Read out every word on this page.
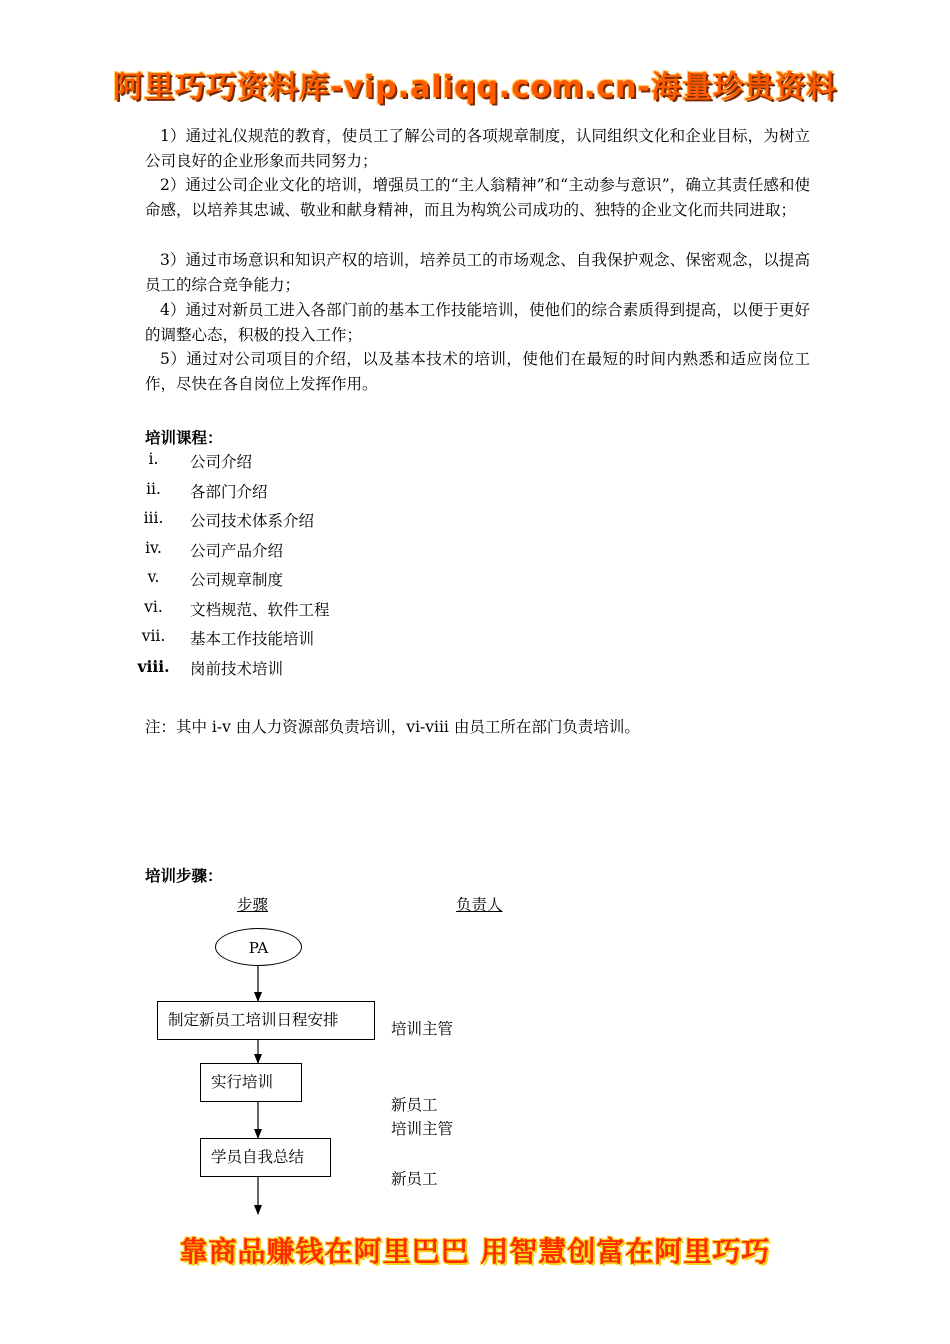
阿里巧巧资料库-vip.aliqq.com.cn-海量珍贵资料
1）通过礼仪规范的教育，使员工了解公司的各项规章制度，认同组织文化和企业目标，为树立公司良好的企业形象而共同努力；
2）通过公司企业文化的培训，增强员工的“主人翁精神”和“主动参与意识”，确立其责任感和使命感，以培养其忠诚、敬业和献身精神，而且为构筑公司成功的、独特的企业文化而共同进取；
3）通过市场意识和知识产权的培训，培养员工的市场观念、自我保护观念、保密观念，以提高员工的综合竞争能力；
4）通过对新员工进入各部门前的基本工作技能培训，使他们的综合素质得到提高，以便于更好的调整心态，积极的投入工作；
5）通过对公司项目的介绍，以及基本技术的培训，使他们在最短的时间内熟悉和适应岗位工作，尽快在各自岗位上发挥作用。
培训课程：
i. 公司介绍
ii. 各部门介绍
iii. 公司技术体系介绍
iv. 公司产品介绍
v. 公司规章制度
vi. 文档规范、软件工程
vii. 基本工作技能培训
viii. 岗前技术培训
注：其中 i-v 由人力资源部负责培训，vi-viii 由员工所在部门负责培训。
培训步骤：
步骤	负责人
PA
制定新员工培训日程安排
实行培训
学员自我总结
培训主管
新员工
培训主管
新员工
靠商品赚钱在阿里巴巴 用智慧创富在阿里巧巧
